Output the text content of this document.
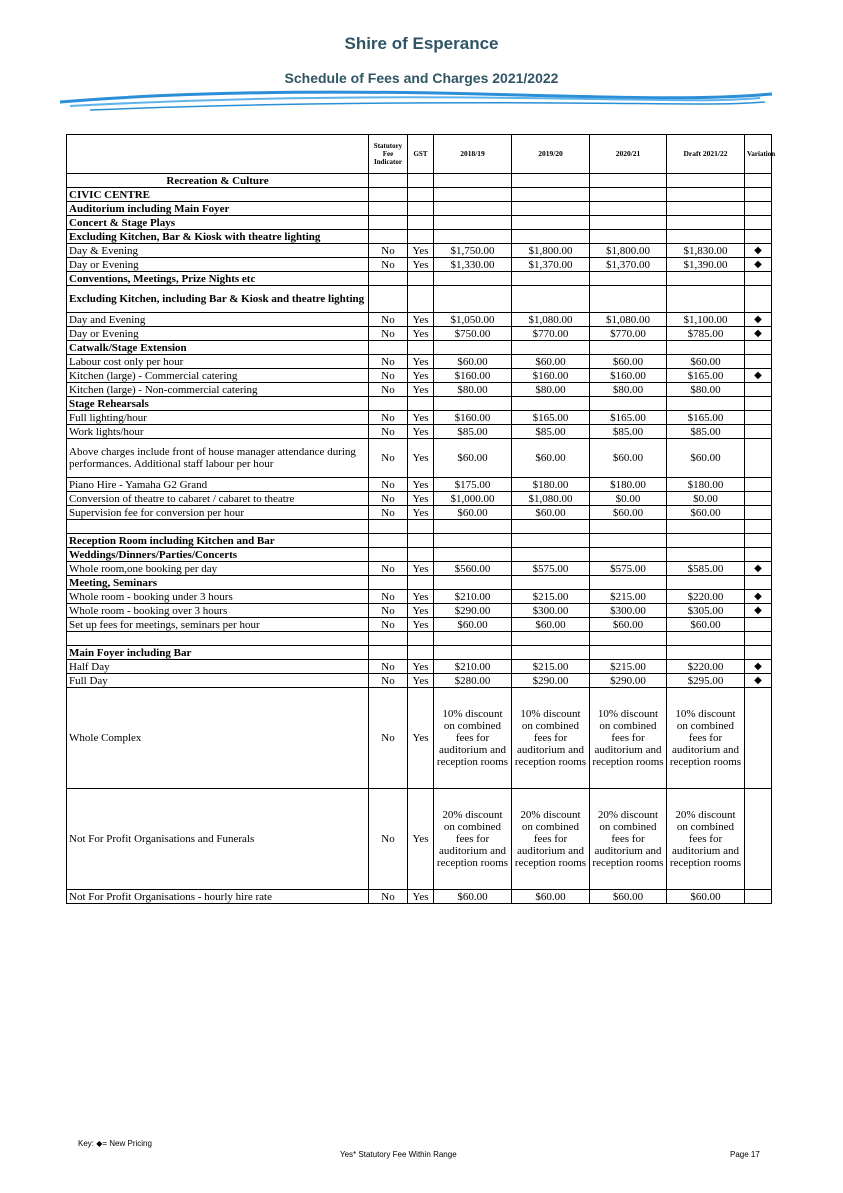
Shire of Esperance
Schedule of Fees and Charges 2021/2022
	Statutory Fee Indicator	GST	2018/19	2019/20	2020/21	Draft 2021/22	Variation
Recreation & Culture							
CIVIC CENTRE							
Auditorium including Main Foyer							
Concert & Stage Plays							
Excluding Kitchen, Bar & Kiosk with theatre lighting							
Day & Evening	No	Yes	$1,750.00	$1,800.00	$1,800.00	$1,830.00	◆
Day or Evening	No	Yes	$1,330.00	$1,370.00	$1,370.00	$1,390.00	◆
Conventions, Meetings, Prize Nights etc							
Excluding Kitchen, including Bar & Kiosk and theatre lighting							
Day and Evening	No	Yes	$1,050.00	$1,080.00	$1,080.00	$1,100.00	◆
Day or Evening	No	Yes	$750.00	$770.00	$770.00	$785.00	◆
Catwalk/Stage Extension							
Labour cost only per hour	No	Yes	$60.00	$60.00	$60.00	$60.00	
Kitchen (large) - Commercial catering	No	Yes	$160.00	$160.00	$160.00	$165.00	◆
Kitchen (large) - Non-commercial catering	No	Yes	$80.00	$80.00	$80.00	$80.00	
Stage Rehearsals							
Full lighting/hour	No	Yes	$160.00	$165.00	$165.00	$165.00	
Work lights/hour	No	Yes	$85.00	$85.00	$85.00	$85.00	
Above charges include front of house manager attendance during performances. Additional staff labour per hour	No	Yes	$60.00	$60.00	$60.00	$60.00	
Piano Hire - Yamaha G2 Grand	No	Yes	$175.00	$180.00	$180.00	$180.00	
Conversion of theatre to cabaret / cabaret to theatre	No	Yes	$1,000.00	$1,080.00	$0.00	$0.00	
Supervision fee for conversion per hour	No	Yes	$60.00	$60.00	$60.00	$60.00	

Reception Room including Kitchen and Bar							
Weddings/Dinners/Parties/Concerts							
Whole room,one booking per day	No	Yes	$560.00	$575.00	$575.00	$585.00	◆
Meeting, Seminars							
Whole room - booking under 3 hours	No	Yes	$210.00	$215.00	$215.00	$220.00	◆
Whole room - booking over 3 hours	No	Yes	$290.00	$300.00	$300.00	$305.00	◆
Set up fees for meetings, seminars per hour	No	Yes	$60.00	$60.00	$60.00	$60.00	

Main Foyer including Bar							
Half Day	No	Yes	$210.00	$215.00	$215.00	$220.00	◆
Full Day	No	Yes	$280.00	$290.00	$290.00	$295.00	◆
Whole Complex	No	Yes	10% discount on combined fees for auditorium and reception rooms	10% discount on combined fees for auditorium and reception rooms	10% discount on combined fees for auditorium and reception rooms	10% discount on combined fees for auditorium and reception rooms	
Not For Profit Organisations and Funerals	No	Yes	20% discount on combined fees for auditorium and reception rooms	20% discount on combined fees for auditorium and reception rooms	20% discount on combined fees for auditorium and reception rooms	20% discount on combined fees for auditorium and reception rooms	
Not For Profit Organisations - hourly hire rate	No	Yes	$60.00	$60.00	$60.00	$60.00	
Key: ◆= New Pricing
Yes* Statutory Fee Within Range	Page 17
